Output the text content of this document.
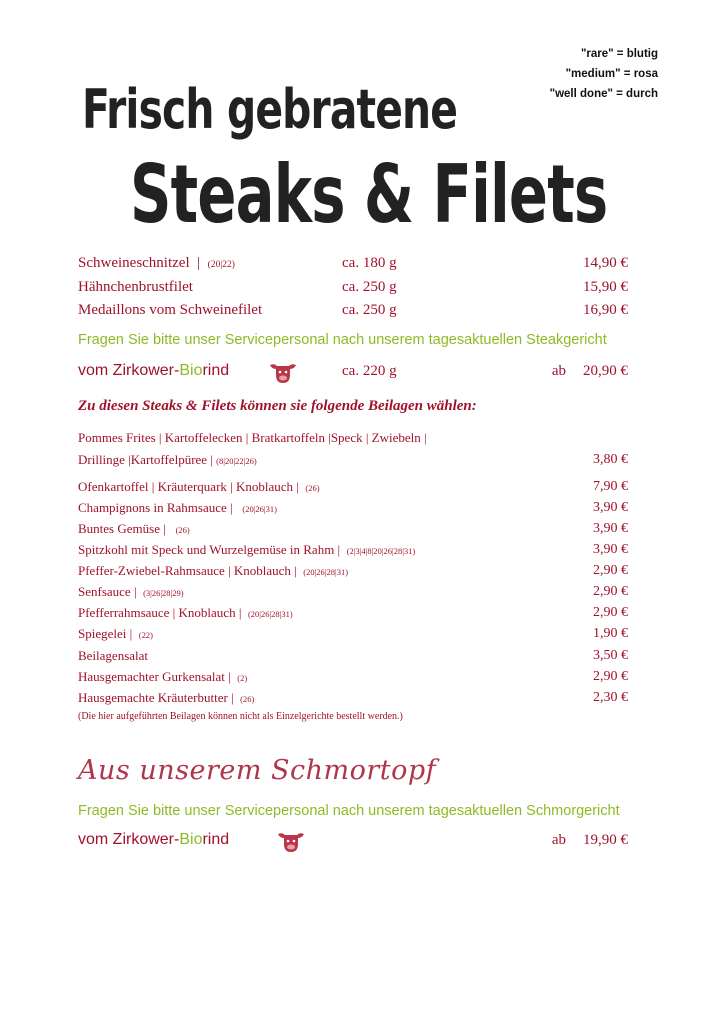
"rare" = blutig
"medium" = rosa
"well done" = durch
Frisch gebratene
Steaks & Filets
Schweineschnitzel | (20|22)	ca. 180 g	14,90 €
Hähnchenbrustfilet	ca. 250 g	15,90 €
Medaillons vom Schweinefilet	ca. 250 g	16,90 €
Fragen Sie bitte unser Servicepersonal nach unserem tagesaktuellen Steakgericht
vom Zirkower-Biorind	ca. 220 g	ab 20,90 €
Zu diesen Steaks & Filets können sie folgende Beilagen wählen:
Pommes Frites | Kartoffelecken | Bratkartoffeln |Speck | Zwiebeln |
Drillinge |Kartoffelpüree | (8|20|22|26)	3,80 €
Ofenkartoffel | Kräuterquark | Knoblauch | (26)	7,90 €
Champignons in Rahmsauce | (20|26|31)	3,90 €
Buntes Gemüse | (26)	3,90 €
Spitzkohl mit Speck und Wurzelgemüse in Rahm | (2|3|4|8|20|26|28|31)	3,90 €
Pfeffer-Zwiebel-Rahmsauce | Knoblauch | (20|26|28|31)	2,90 €
Senfsauce | (3|26|28|29)	2,90 €
Pfefferrahmsauce | Knoblauch | (20|26|28|31)	2,90 €
Spiegelei | (22)	1,90 €
Beilagensalat	3,50 €
Hausgemachter Gurkensalat | (2)	2,90 €
Hausgemachte Kräuterbutter | (26)	2,30 €
(Die hier aufgeführten Beilagen können nicht als Einzelgerichte bestellt werden.)
Aus unserem Schmortopf
Fragen Sie bitte unser Servicepersonal nach unserem tagesaktuellen Schmorgericht
vom Zirkower-Biorind	ab 19,90 €
